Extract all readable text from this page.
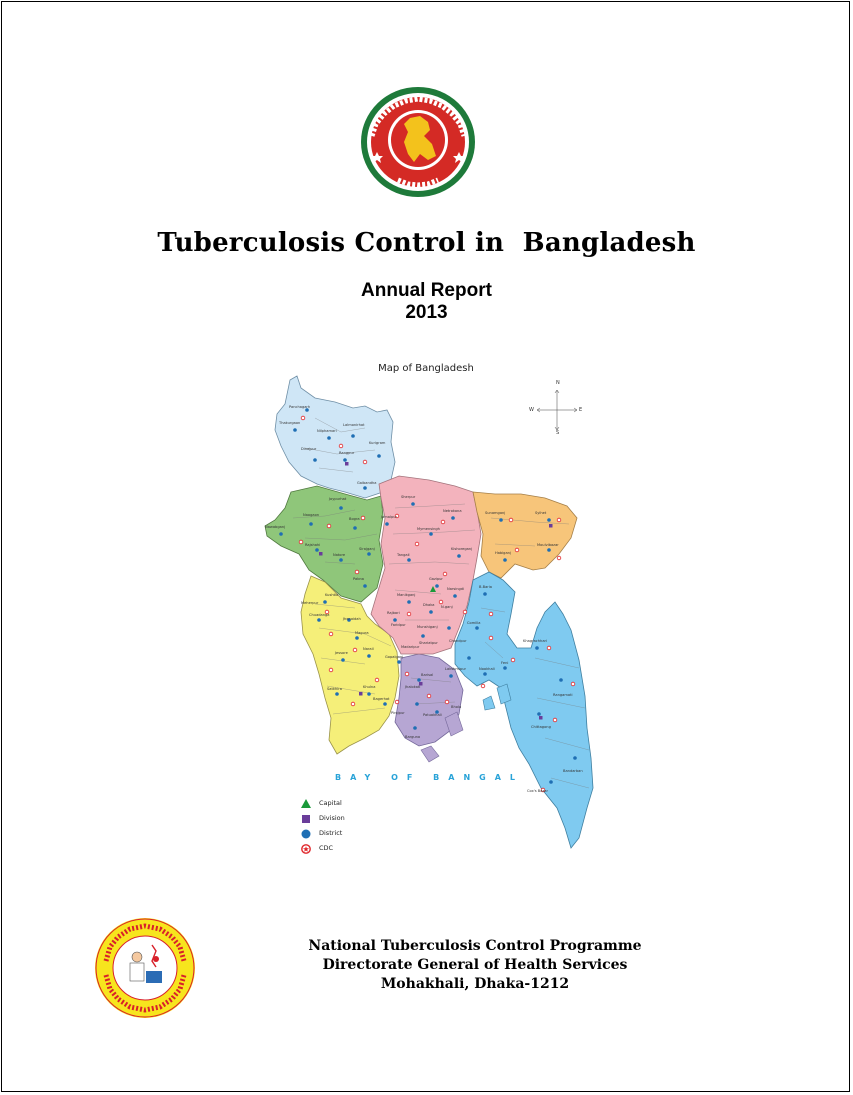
Tuberculosis Control in  Bangladesh
Annual Report
2013
Panchagarh
Thakurgaon
Nilphamari
Lalmonirhat
Dinajpur
Rangpur
Kurigram
Gaibandha
Joypurhat
Naogaon
Bogra
Nawabganj
Rajshahi
Natore
Sirajganj
Pabna
Sherpur
Jamalpur
Netrokona
Mymensingh
Sunamganj	Sylhet
Kishoreganj
Habiganj
Moulvibazar
Tangail
Gazipur
Kushtia	Manikganj
Narsingdi	B.Baria
Meherpur
Chuadanga
Jhenaidah
Rajbari
Dhaka N.ganj
Magura
Faridpur	Munshiganj
Comilla
Khagrachhari
Jessore
Narail
Gopalganj
Madaripur
Shariatpur	Chandpur
Feni
Rangamati
Satkhira	Khulna
Bagerhat
Barisal
Lakshmipur	Noakhali
Jhalokati
Pirojpur	Patuakhali
Bhola
Chittagong
Barguna
Bandarban
Cox's Bazar
Map of Bangladesh
N
S
W	E
BAY OF BANGAL
Capital
Division
District
CDC
National Tuberculosis Control Programme
Directorate General of Health Services
Mohakhali, Dhaka-1212
